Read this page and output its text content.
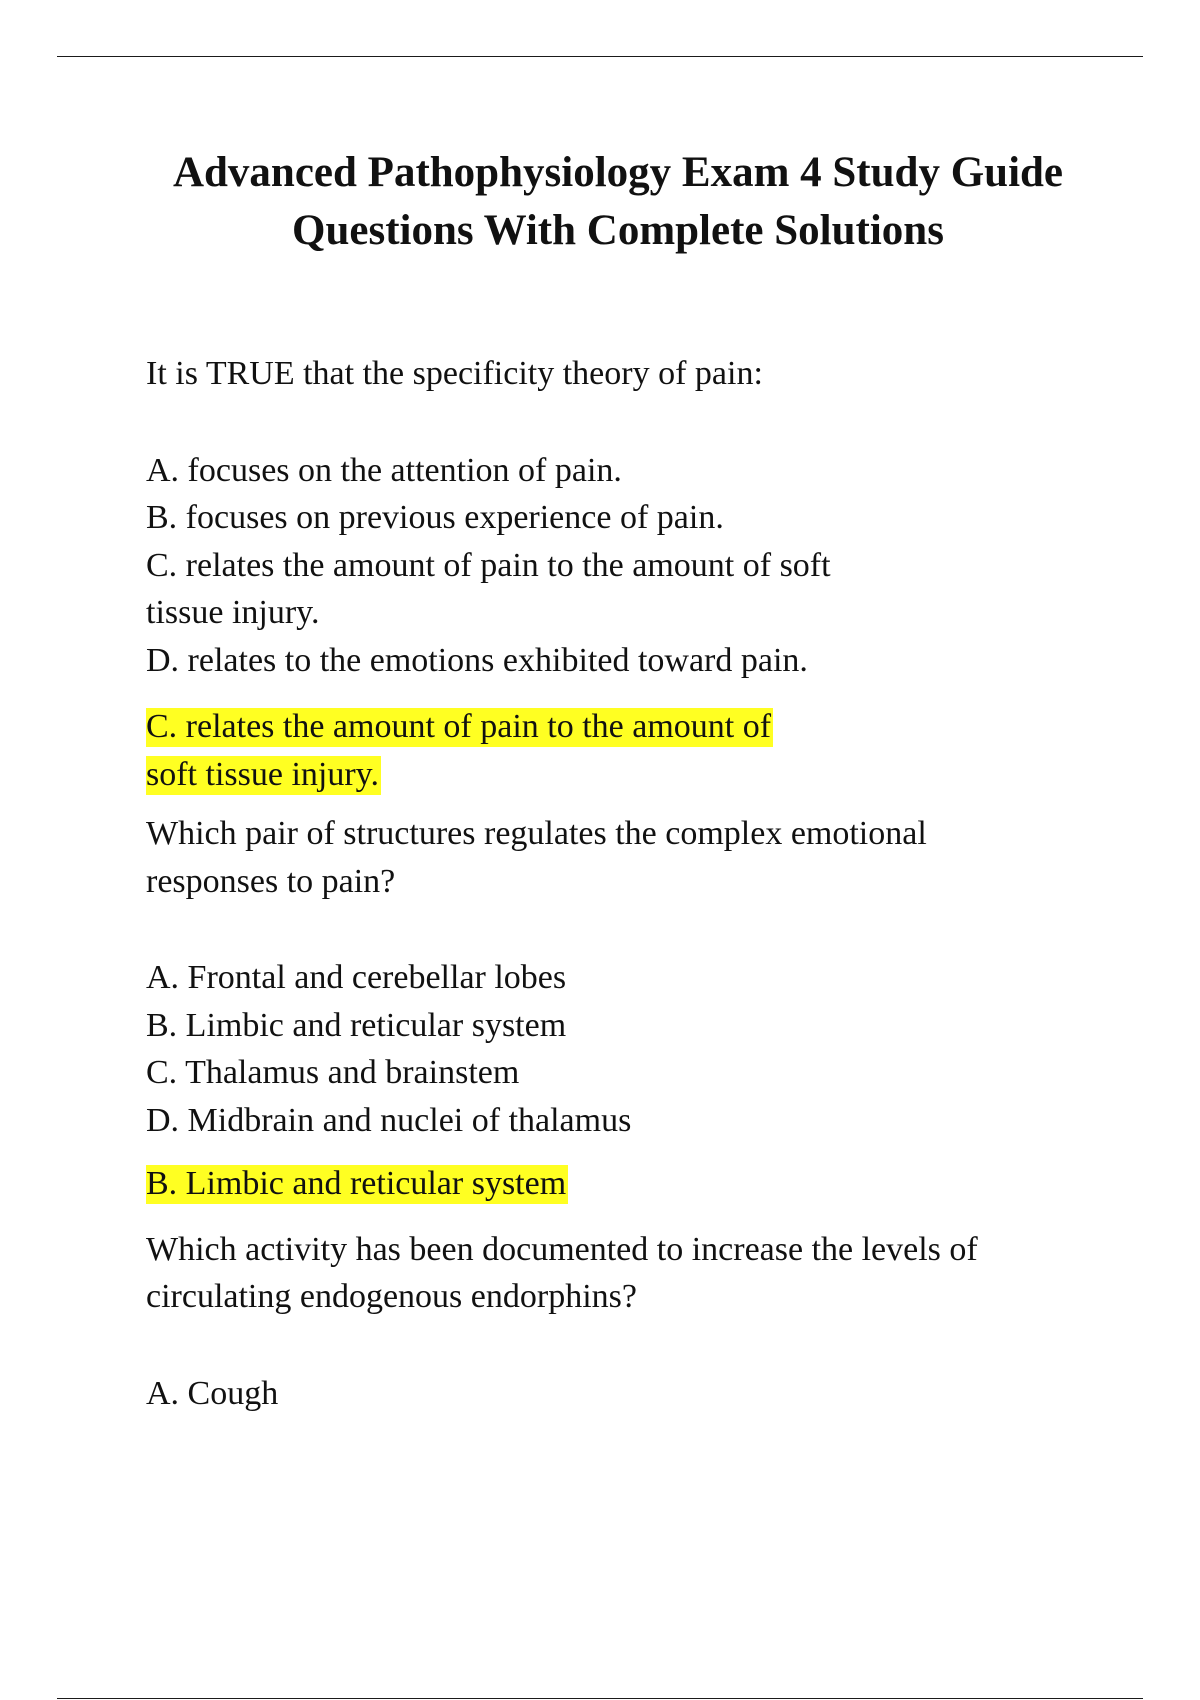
Advanced Pathophysiology Exam 4 Study Guide
Questions With Complete Solutions

It is TRUE that the specificity theory of pain:

A. focuses on the attention of pain.
B. focuses on previous experience of pain.
C. relates the amount of pain to the amount of soft
tissue injury.
D. relates to the emotions exhibited toward pain.

C. relates the amount of pain to the amount of
soft tissue injury.

Which pair of structures regulates the complex emotional
responses to pain?

A. Frontal and cerebellar lobes
B. Limbic and reticular system
C. Thalamus and brainstem
D. Midbrain and nuclei of thalamus

B. Limbic and reticular system

Which activity has been documented to increase the levels of
circulating endogenous endorphins?

A. Cough
